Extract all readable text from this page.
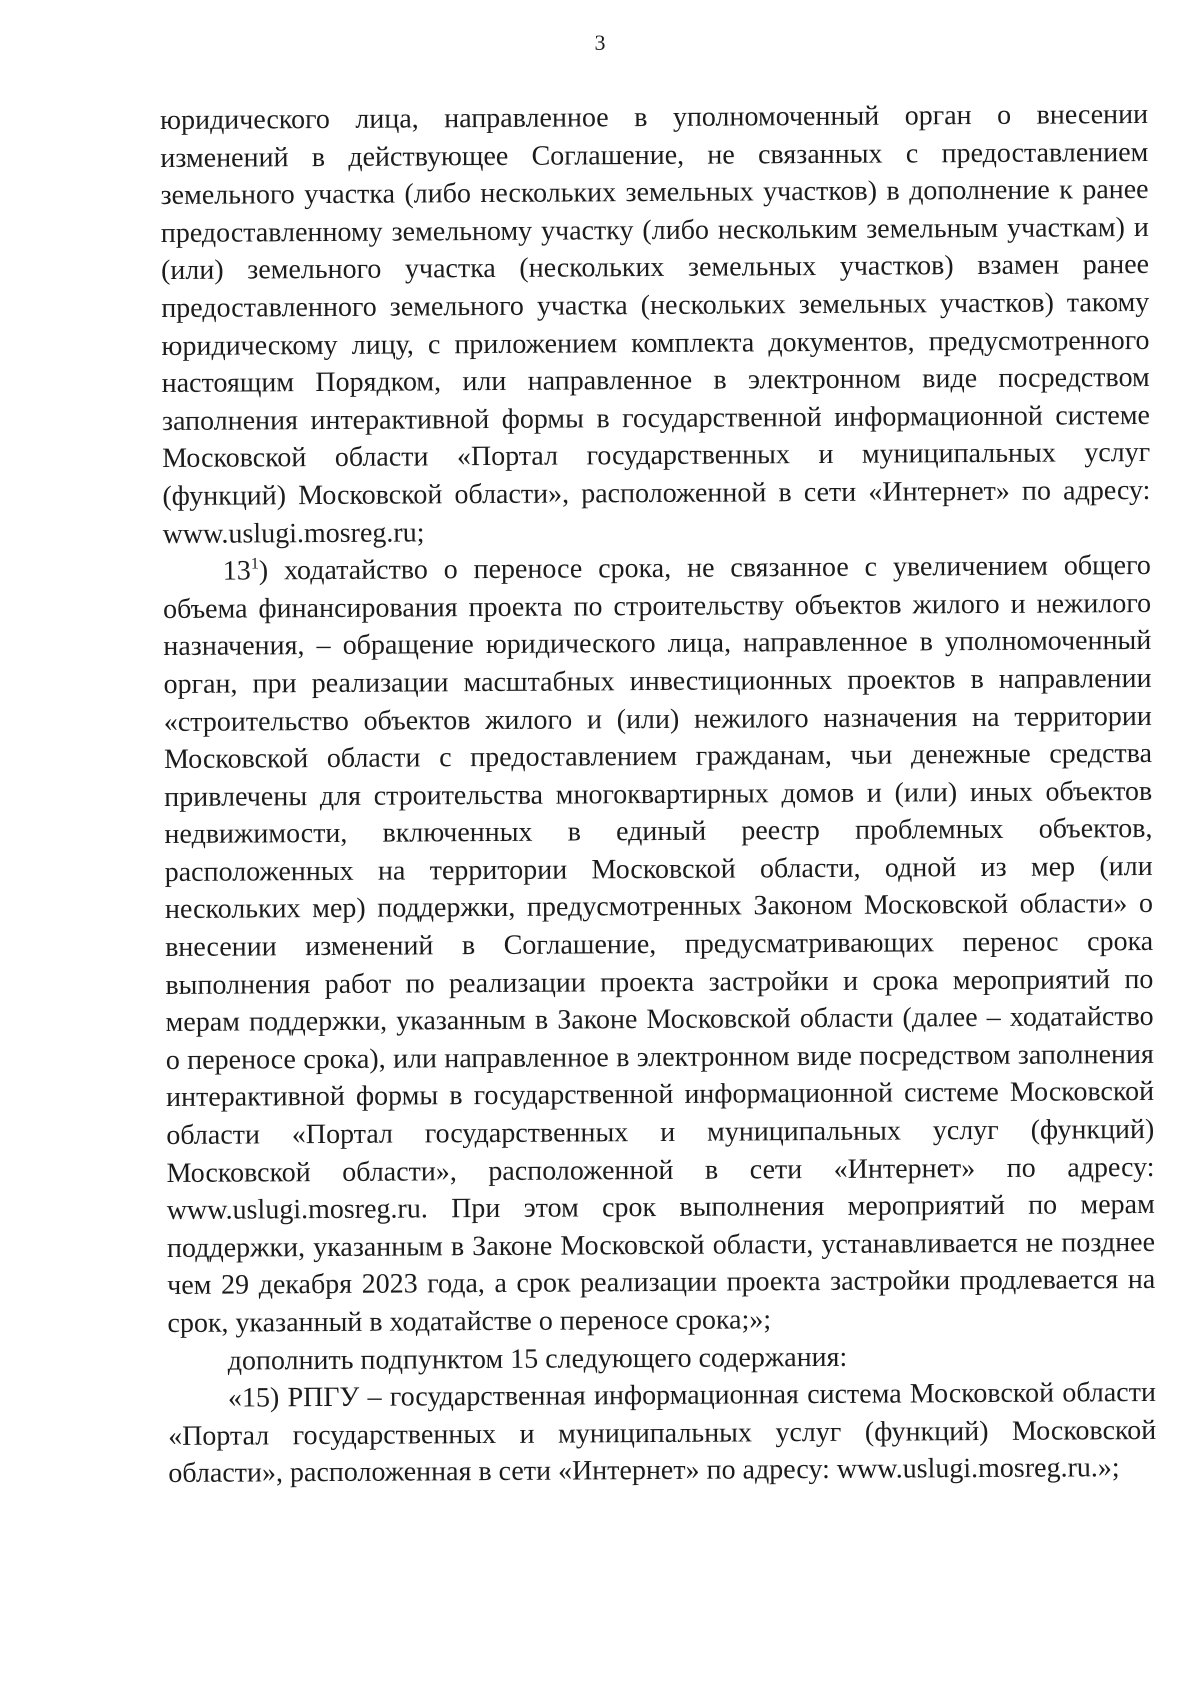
3

юридического лица, направленное в уполномоченный орган о внесении изменений в действующее Соглашение, не связанных с предоставлением земельного участка (либо нескольких земельных участков) в дополнение к ранее предоставленному земельному участку (либо нескольким земельным участкам) и (или) земельного участка (нескольких земельных участков) взамен ранее предоставленного земельного участка (нескольких земельных участков) такому юридическому лицу, с приложением комплекта документов, предусмотренного настоящим Порядком, или направленное в электронном виде посредством заполнения интерактивной формы в государственной информационной системе Московской области «Портал государственных и муниципальных услуг (функций) Московской области», расположенной в сети «Интернет» по адресу: www.uslugi.mosreg.ru;

$13^1$) ходатайство о переносе срока, не связанное с увеличением общего объема финансирования проекта по строительству объектов жилого и нежилого назначения, – обращение юридического лица, направленное в уполномоченный орган, при реализации масштабных инвестиционных проектов в направлении «строительство объектов жилого и (или) нежилого назначения на территории Московской области с предоставлением гражданам, чьи денежные средства привлечены для строительства многоквартирных домов и (или) иных объектов недвижимости, включенных в единый реестр проблемных объектов, расположенных на территории Московской области, одной из мер (или нескольких мер) поддержки, предусмотренных Законом Московской области» о внесении изменений в Соглашение, предусматривающих перенос срока выполнения работ по реализации проекта застройки и срока мероприятий по мерам поддержки, указанным в Законе Московской области (далее – ходатайство о переносе срока), или направленное в электронном виде посредством заполнения интерактивной формы в государственной информационной системе Московской области «Портал государственных и муниципальных услуг (функций) Московской области», расположенной в сети «Интернет» по адресу: www.uslugi.mosreg.ru. При этом срок выполнения мероприятий по мерам поддержки, указанным в Законе Московской области, устанавливается не позднее чем 29 декабря 2023 года, а срок реализации проекта застройки продлевается на срок, указанный в ходатайстве о переносе срока;»;

дополнить подпунктом 15 следующего содержания:

«15) РПГУ – государственная информационная система Московской области «Портал государственных и муниципальных услуг (функций) Московской области», расположенная в сети «Интернет» по адресу: www.uslugi.mosreg.ru.»;
